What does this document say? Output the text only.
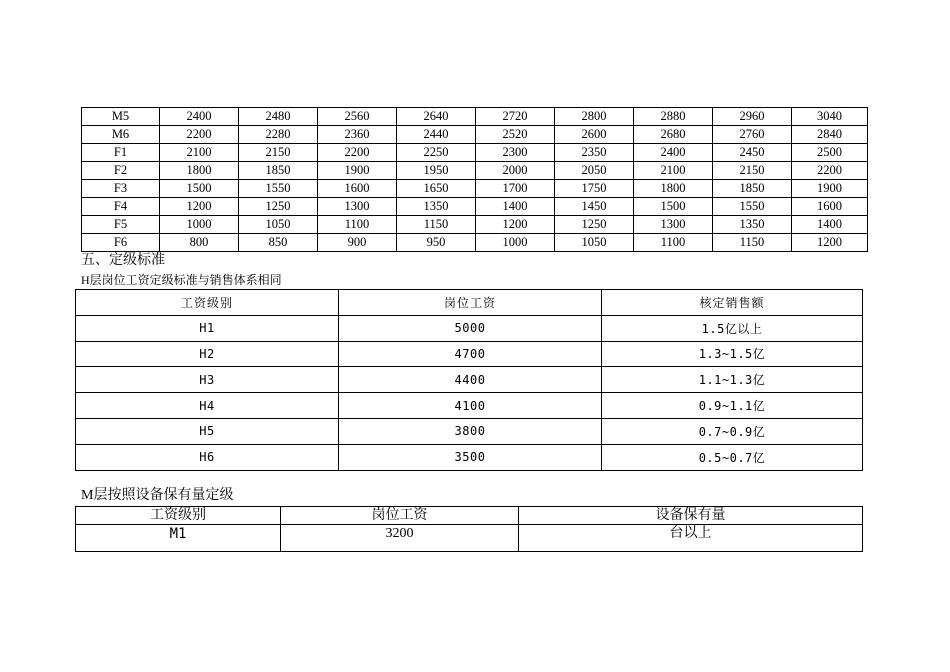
M5	2400	2480	2560	2640	2720	2800	2880	2960	3040
M6	2200	2280	2360	2440	2520	2600	2680	2760	2840
F1	2100	2150	2200	2250	2300	2350	2400	2450	2500
F2	1800	1850	1900	1950	2000	2050	2100	2150	2200
F3	1500	1550	1600	1650	1700	1750	1800	1850	1900
F4	1200	1250	1300	1350	1400	1450	1500	1550	1600
F5	1000	1050	1100	1150	1200	1250	1300	1350	1400
F6	800	850	900	950	1000	1050	1100	1150	1200
五、定级标准
H层岗位工资定级标准与销售体系相同
工资级别	岗位工资	核定销售额
H1	5000	1.5亿以上
H2	4700	1.3~1.5亿
H3	4400	1.1~1.3亿
H4	4100	0.9~1.1亿
H5	3800	0.7~0.9亿
H6	3500	0.5~0.7亿
M层按照设备保有量定级
工资级别	岗位工资	设备保有量
M1	3200	台以上
